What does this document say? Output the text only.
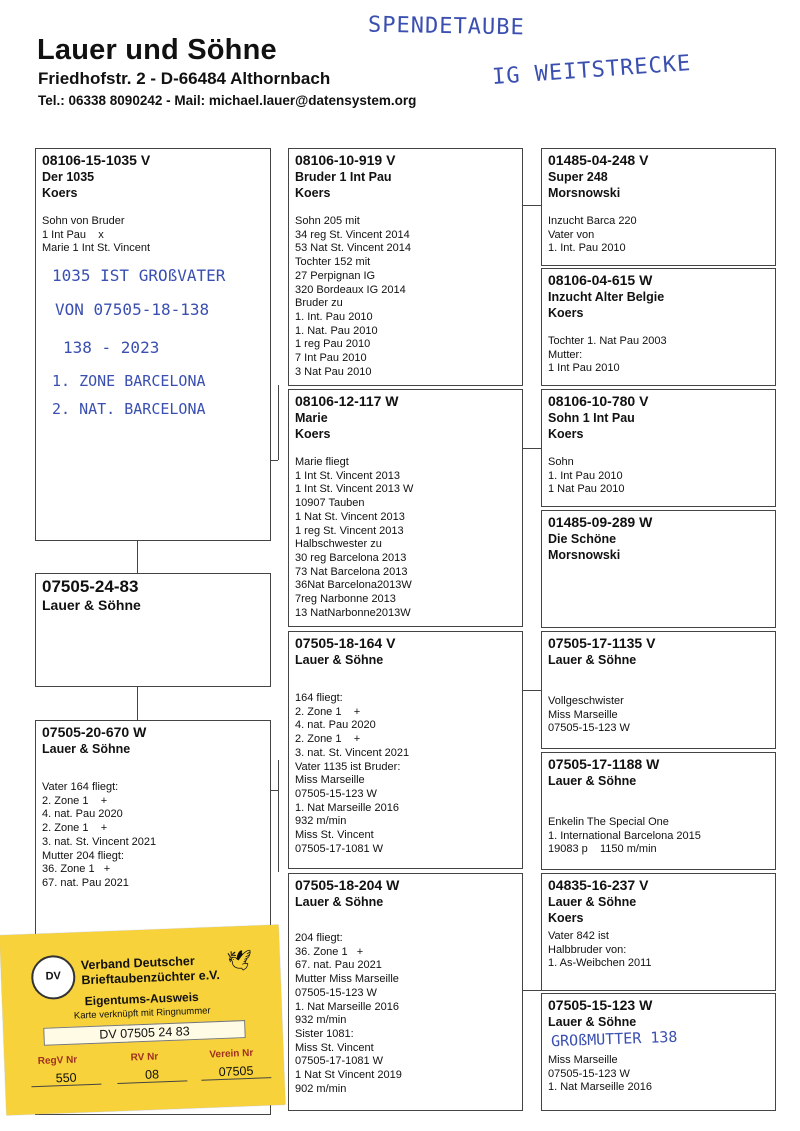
Lauer und Söhne
Friedhofstr. 2 - D-66484 Althornbach
Tel.: 06338 8090242 - Mail: michael.lauer@datensystem.org
SPENDETAUBE
IG WEITSTRECKE
08106-15-1035 V
Der 1035
Koers
Sohn von Bruder
1 Int Pau    x
Marie 1 Int St. Vincent
1035 IST GROßVATER
VON 07505-18-138
138 - 2023
1. ZONE BARCELONA
2. NAT. BARCELONA
07505-24-83
Lauer & Söhne
07505-20-670 W
Lauer & Söhne
Vater 164 fliegt:
2. Zone 1    +
4. nat. Pau 2020
2. Zone 1    +
3. nat. St. Vincent 2021
Mutter 204 fliegt:
36. Zone 1   +
67. nat. Pau 2021
08106-10-919 V
Bruder 1 Int Pau
Koers
Sohn 205 mit
34 reg St. Vincent 2014
53 Nat St. Vincent 2014
Tochter 152 mit
27 Perpignan IG
320 Bordeaux IG 2014
Bruder zu
1. Int. Pau 2010
1. Nat. Pau 2010
1 reg Pau 2010
7 Int Pau 2010
3 Nat Pau 2010
08106-12-117 W
Marie
Koers
Marie fliegt
1 Int St. Vincent 2013
1 Int St. Vincent 2013 W
10907 Tauben
1 Nat St. Vincent 2013
1 reg St. Vincent 2013
Halbschwester zu
30 reg Barcelona 2013
73 Nat Barcelona 2013
36Nat Barcelona2013W
7reg Narbonne 2013
13 NatNarbonne2013W
07505-18-164 V
Lauer & Söhne
164 fliegt:
2. Zone 1    +
4. nat. Pau 2020
2. Zone 1    +
3. nat. St. Vincent 2021
Vater 1135 ist Bruder:
Miss Marseille
07505-15-123 W
1. Nat Marseille 2016
932 m/min
Miss St. Vincent
07505-17-1081 W
07505-18-204 W
Lauer & Söhne
204 fliegt:
36. Zone 1   +
67. nat. Pau 2021
Mutter Miss Marseille
07505-15-123 W
1. Nat Marseille 2016
932 m/min
Sister 1081:
Miss St. Vincent
07505-17-1081 W
1 Nat St Vincent 2019
902 m/min
01485-04-248 V
Super 248
Morsnowski
Inzucht Barca 220
Vater von
1. Int. Pau 2010
08106-04-615 W
Inzucht Alter Belgie
Koers
Tochter 1. Nat Pau 2003
Mutter:
1 Int Pau 2010
08106-10-780 V
Sohn 1 Int Pau
Koers
Sohn
1. Int Pau 2010
1 Nat Pau 2010
01485-09-289 W
Die Schöne
Morsnowski
07505-17-1135 V
Lauer & Söhne
Vollgeschwister
Miss Marseille
07505-15-123 W
07505-17-1188 W
Lauer & Söhne
Enkelin The Special One
1. International Barcelona 2015
19083 p    1150 m/min
04835-16-237 V
Lauer & Söhne
Koers
Vater 842 ist
Halbbruder von:
1. As-Weibchen 2011
07505-15-123 W
Lauer & Söhne
Miss Marseille
07505-15-123 W
1. Nat Marseille 2016
GROßMUTTER 138
DV
Verband Deutscher
Brieftaubenzüchter e.V.
🕊
Eigentums-Ausweis
Karte verknüpft mit Ringnummer
DV 07505 24 83
RegV Nr	RV Nr	Verein Nr
550	08	07505
